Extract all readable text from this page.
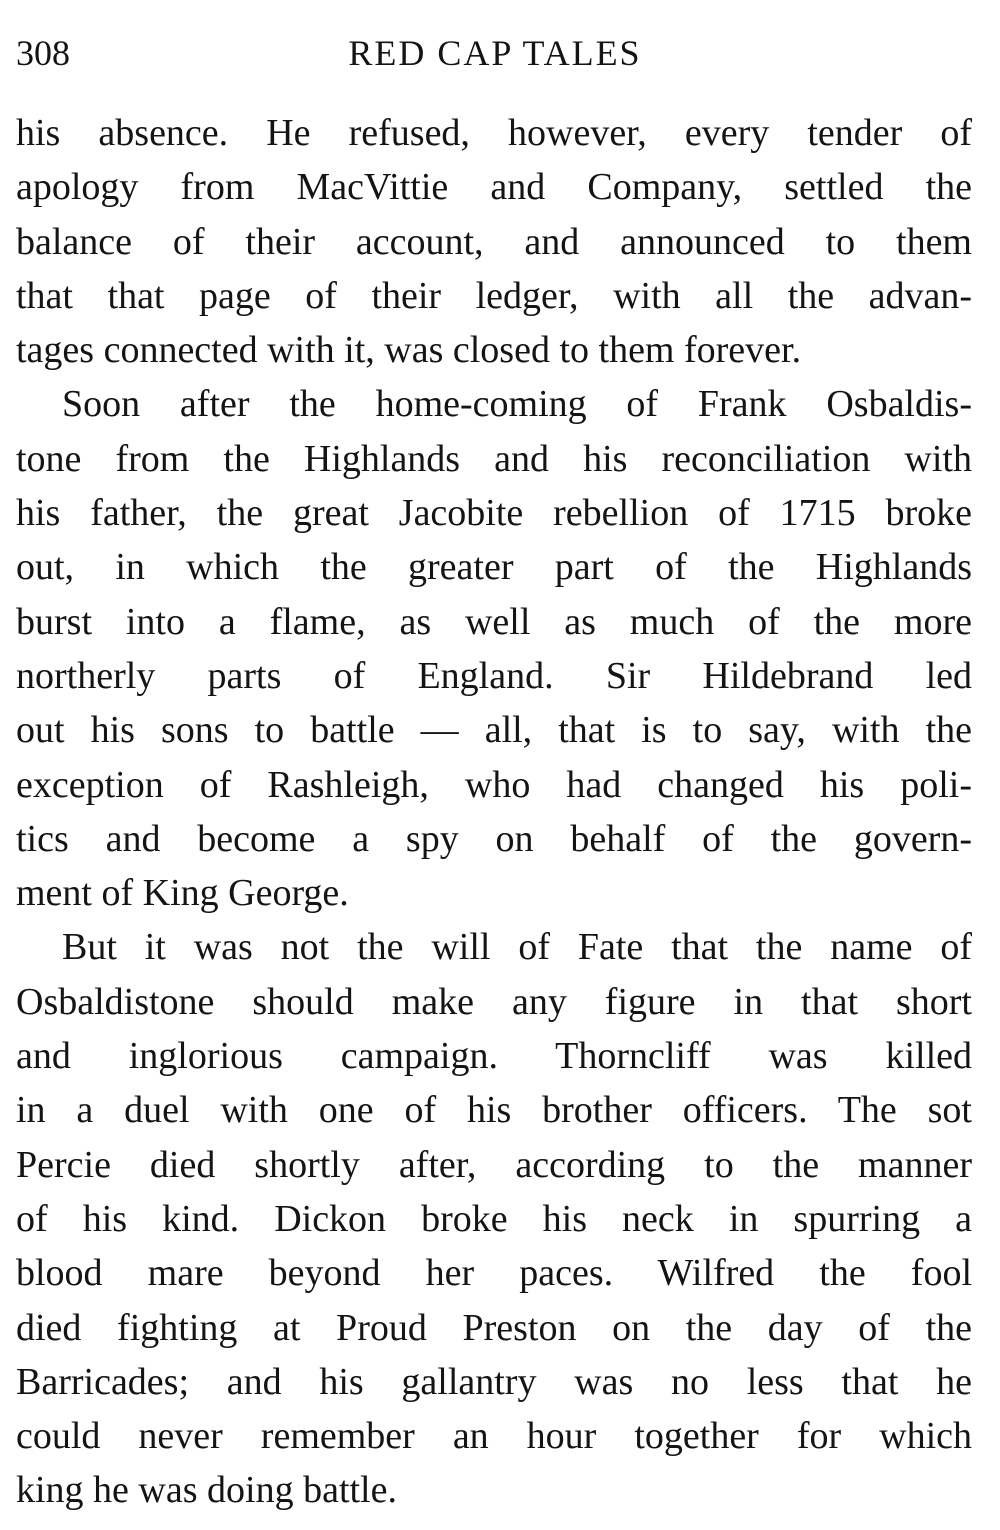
308	RED CAP TALES
his absence. He refused, however, every tender of
apology from MacVittie and Company, settled the
balance of their account, and announced to them
that that page of their ledger, with all the advan-
tages connected with it, was closed to them forever.
Soon after the home-coming of Frank Osbaldis-
tone from the Highlands and his reconciliation with
his father, the great Jacobite rebellion of 1715 broke
out, in which the greater part of the Highlands
burst into a flame, as well as much of the more
northerly parts of England. Sir Hildebrand led
out his sons to battle — all, that is to say, with the
exception of Rashleigh, who had changed his poli-
tics and become a spy on behalf of the govern-
ment of King George.
But it was not the will of Fate that the name of
Osbaldistone should make any figure in that short
and inglorious campaign. Thorncliff was killed
in a duel with one of his brother officers. The sot
Percie died shortly after, according to the manner
of his kind. Dickon broke his neck in spurring a
blood mare beyond her paces. Wilfred the fool
died fighting at Proud Preston on the day of the
Barricades; and his gallantry was no less that he
could never remember an hour together for which
king he was doing battle.
